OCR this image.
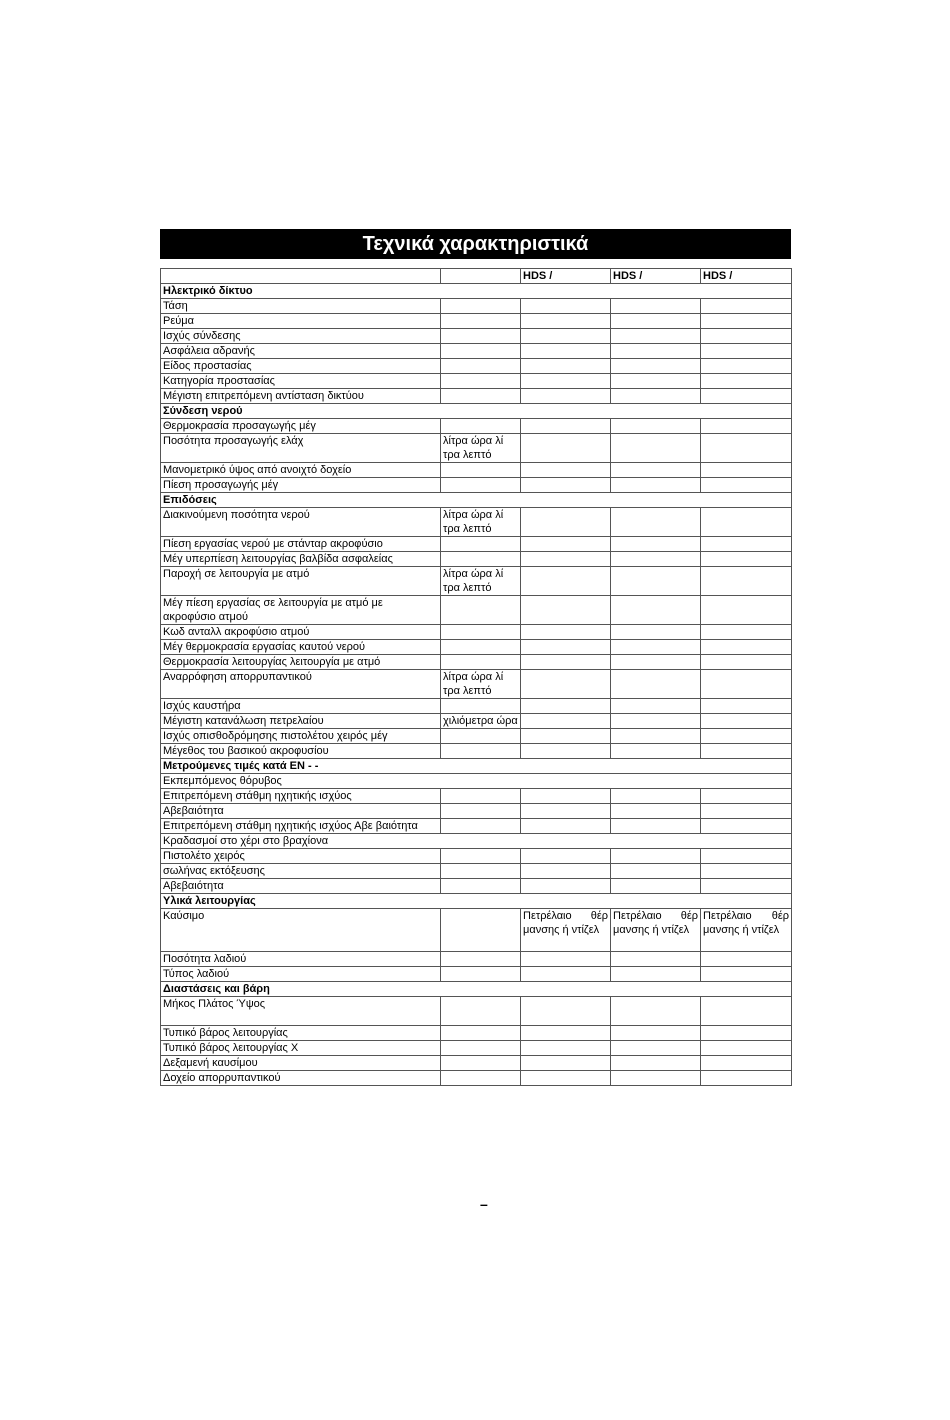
Τεχνικά χαρακτηριστικά
		HDS /	HDS /	HDS /
Ηλεκτρικό δίκτυο				
Τάση				
Ρεύμα				
Ισχύς σύνδεσης				
Ασφάλεια αδρανής				
Είδος προστασίας				
Κατηγορία προστασίας				
Μέγιστη επιτρεπόμενη αντίσταση δικτύου				
Σύνδεση νερού				
Θερμοκρασία προσαγωγής μέγ				
Ποσότητα προσαγωγής ελάχ	λίτρα ώρα λί τρα λεπτό			
Μανομετρικό ύψος από ανοιχτό δοχείο				
Πίεση προσαγωγής μέγ				
Επιδόσεις				
Διακινούμενη ποσότητα νερού	λίτρα ώρα λί τρα λεπτό			
Πίεση εργασίας νερού με στάνταρ ακροφύσιο				
Μέγ υπερπίεση λειτουργίας βαλβίδα ασφαλείας				
Παροχή σε λειτουργία με ατμό	λίτρα ώρα λί τρα λεπτό			
Μέγ πίεση εργασίας σε λειτουργία με ατμό με ακροφύσιο ατμού				
Κωδ ανταλλ ακροφύσιο ατμού				
Μέγ θερμοκρασία εργασίας καυτού νερού				
Θερμοκρασία λειτουργίας λειτουργία με ατμό				
Αναρρόφηση απορρυπαντικού	λίτρα ώρα λί τρα λεπτό			
Ισχύς καυστήρα				
Μέγιστη κατανάλωση πετρελαίου	χιλιόμετρα ώρα			
Ισχύς οπισθοδρόμησης πιστολέτου χειρός μέγ				
Μέγεθος του βασικού ακροφυσίου				
Μετρούμενες τιμές κατά ΕΝ - -				
Εκπεμπόμενος θόρυβος				
Επιτρεπόμενη στάθμη ηχητικής ισχύος				
Αβεβαιότητα				
Επιτρεπόμενη στάθμη ηχητικής ισχύος Αβε βαιότητα				
Κραδασμοί στο χέρι στο βραχίονα				
Πιστολέτο χειρός				
σωλήνας εκτόξευσης				
Αβεβαιότητα				
Υλικά λειτουργίας				
Καύσιμο		Πετρέλαιο θέρ μανσης ή ντίζελ	Πετρέλαιο θέρ μανσης ή ντίζελ	Πετρέλαιο θέρ μανσης ή ντίζελ
Ποσότητα λαδιού				
Τύπος λαδιού				
Διαστάσεις και βάρη				
Μήκος Πλάτος Ύψος				
Τυπικό βάρος λειτουργίας				
Τυπικό βάρος λειτουργίας Χ				
Δεξαμενή καυσίμου				
Δοχείο απορρυπαντικού				
–
